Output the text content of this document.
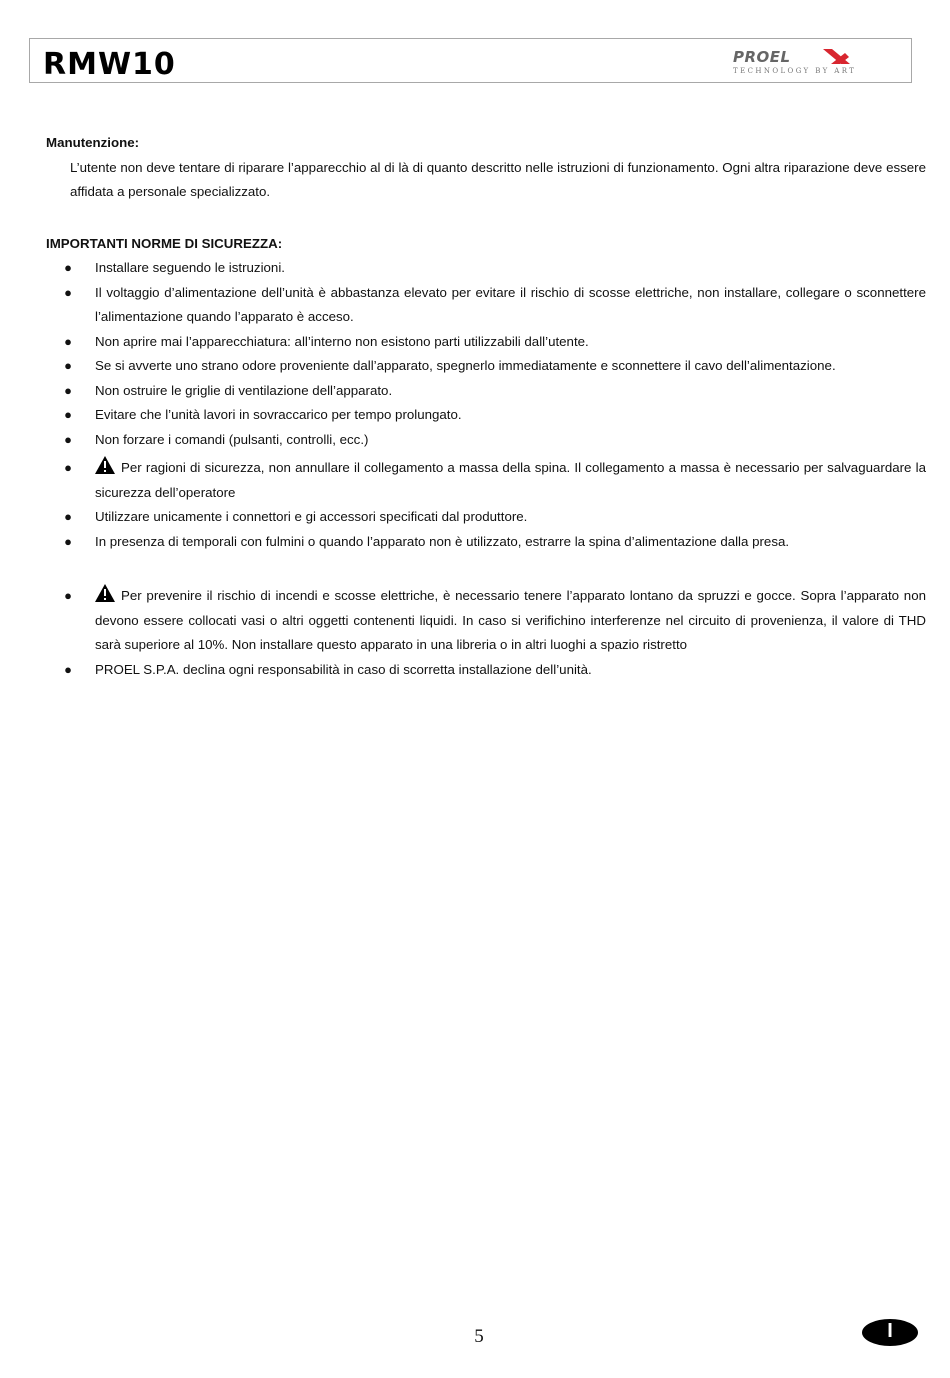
RMW10	PROEL
TECHNOLOGY BY ART

Manutenzione:

L’utente non deve tentare di riparare l’apparecchio al di là di quanto descritto nelle istruzioni di funzionamento. Ogni altra riparazione deve essere affidata a personale specializzato.

IMPORTANTI NORME DI SICUREZZA:

● Installare seguendo le istruzioni.
● Il voltaggio d’alimentazione dell’unità è abbastanza elevato per evitare il rischio di scosse elettriche, non installare, collegare o sconnettere l’alimentazione quando l’apparato è acceso.
● Non aprire mai l’apparecchiatura: all’interno non esistono parti utilizzabili dall’utente.
● Se si avverte uno strano odore proveniente dall’apparato, spegnerlo immediatamente e sconnettere il cavo dell’alimentazione.
● Non ostruire le griglie di ventilazione dell’apparato.
● Evitare che l’unità lavori in sovraccarico per tempo prolungato.
● Non forzare i comandi (pulsanti, controlli, ecc.)
●	Per ragioni di sicurezza, non annullare il collegamento a massa della spina. Il collegamento a massa è necessario per salvaguardare la sicurezza dell’operatore
● Utilizzare unicamente i connettori e gi accessori specificati dal produttore.
● In presenza di temporali con fulmini o quando l’apparato non è utilizzato, estrarre la spina d’alimentazione dalla presa.
●	Per prevenire il rischio di incendi e scosse elettriche, è necessario tenere l’apparato lontano da spruzzi e gocce. Sopra l’apparato non devono essere collocati vasi o altri oggetti contenenti liquidi. In caso si verifichino interferenze nel circuito di provenienza, il valore di THD sarà superiore al 10%. Non installare questo apparato in una libreria o in altri luoghi a spazio ristretto
● PROEL S.P.A. declina ogni responsabilità in caso di scorretta installazione dell’unità.
5	I
